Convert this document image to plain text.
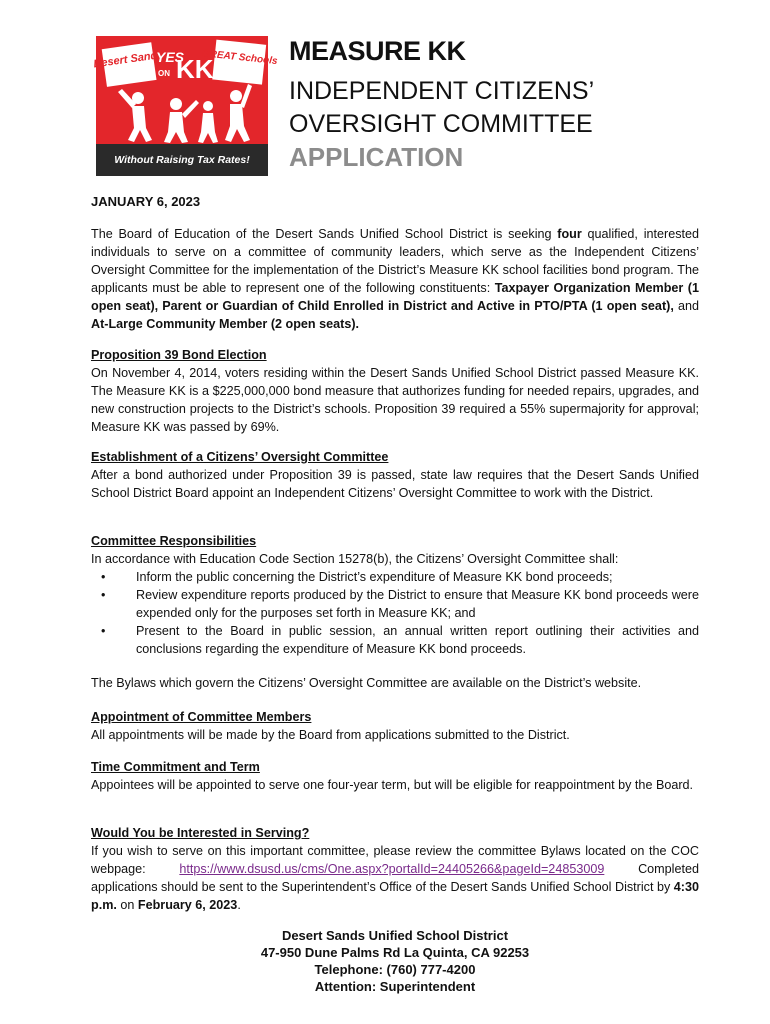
Desert Sands
YES
ON KK
GREAT Schools
Without Raising Tax Rates!
MEASURE KK
INDEPENDENT CITIZENS’
OVERSIGHT COMMITTEE
APPLICATION
JANUARY 6, 2023

The Board of Education of the Desert Sands Unified School District is seeking four qualified, interested individuals to serve on a committee of community leaders, which serve as the Independent Citizens’ Oversight Committee for the implementation of the District’s Measure KK school facilities bond program. The applicants must be able to represent one of the following constituents: Taxpayer Organization Member (1 open seat), Parent or Guardian of Child Enrolled in District and Active in PTO/PTA (1 open seat), and At-Large Community Member (2 open seats).

Proposition 39 Bond Election

On November 4, 2014, voters residing within the Desert Sands Unified School District passed Measure KK. The Measure KK is a $225,000,000 bond measure that authorizes funding for needed repairs, upgrades, and new construction projects to the District’s schools. Proposition 39 required a 55% supermajority for approval; Measure KK was passed by 69%.

Establishment of a Citizens’ Oversight Committee

After a bond authorized under Proposition 39 is passed, state law requires that the Desert Sands Unified School District Board appoint an Independent Citizens’ Oversight Committee to work with the District.

Committee Responsibilities

In accordance with Education Code Section 15278(b), the Citizens’ Oversight Committee shall:

• Inform the public concerning the District’s expenditure of Measure KK bond proceeds;
• Review expenditure reports produced by the District to ensure that Measure KK bond proceeds were expended only for the purposes set forth in Measure KK; and
• Present to the Board in public session, an annual written report outlining their activities and conclusions regarding the expenditure of Measure KK bond proceeds.

The Bylaws which govern the Citizens’ Oversight Committee are available on the District’s website.

Appointment of Committee Members

All appointments will be made by the Board from applications submitted to the District.

Time Commitment and Term

Appointees will be appointed to serve one four-year term, but will be eligible for reappointment by the Board.

Would You be Interested in Serving?

If you wish to serve on this important committee, please review the committee Bylaws located on the COC webpage: https://www.dsusd.us/cms/One.aspx?portalId=24405266&pageId=24853009 Completed applications should be sent to the Superintendent’s Office of the Desert Sands Unified School District by 4:30 p.m. on February 6, 2023.

Desert Sands Unified School District
47-950 Dune Palms Rd La Quinta, CA 92253
Telephone: (760) 777-4200
Attention: Superintendent
